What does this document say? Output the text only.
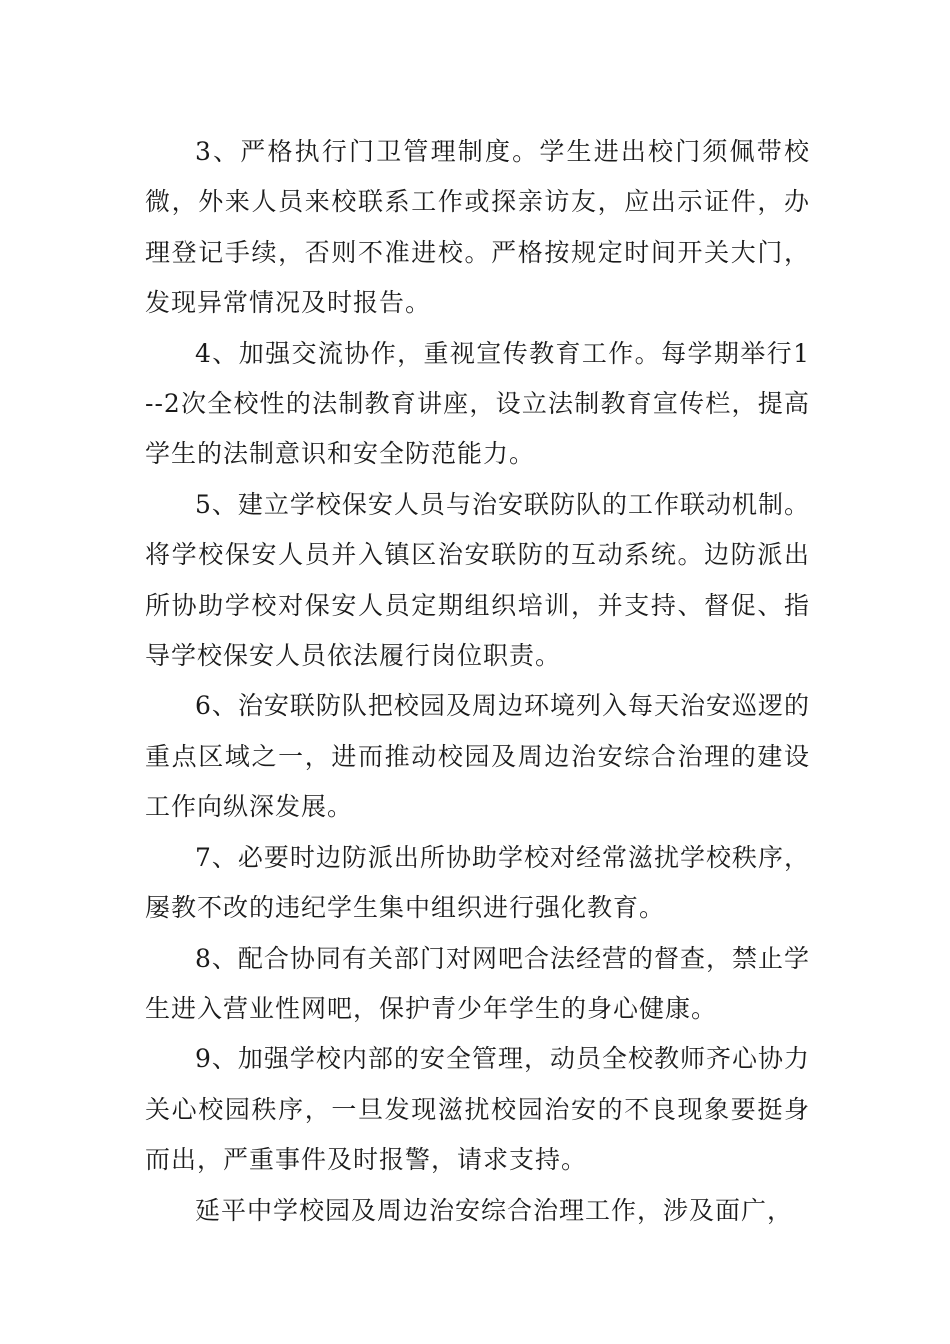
3、严格执行门卫管理制度。学生进出校门须佩带校微，外来人员来校联系工作或探亲访友，应出示证件，办理登记手续，否则不准进校。严格按规定时间开关大门，发现异常情况及时报告。

4、加强交流协作，重视宣传教育工作。每学期举行1--2次全校性的法制教育讲座，设立法制教育宣传栏，提高学生的法制意识和安全防范能力。

5、建立学校保安人员与治安联防队的工作联动机制。将学校保安人员并入镇区治安联防的互动系统。边防派出所协助学校对保安人员定期组织培训，并支持、督促、指导学校保安人员依法履行岗位职责。

6、治安联防队把校园及周边环境列入每天治安巡逻的重点区域之一，进而推动校园及周边治安综合治理的建设工作向纵深发展。

7、必要时边防派出所协助学校对经常滋扰学校秩序，屡教不改的违纪学生集中组织进行强化教育。

8、配合协同有关部门对网吧合法经营的督查，禁止学生进入营业性网吧，保护青少年学生的身心健康。

9、加强学校内部的安全管理，动员全校教师齐心协力关心校园秩序，一旦发现滋扰校园治安的不良现象要挺身而出，严重事件及时报警，请求支持。

延平中学校园及周边治安综合治理工作，涉及面广，
